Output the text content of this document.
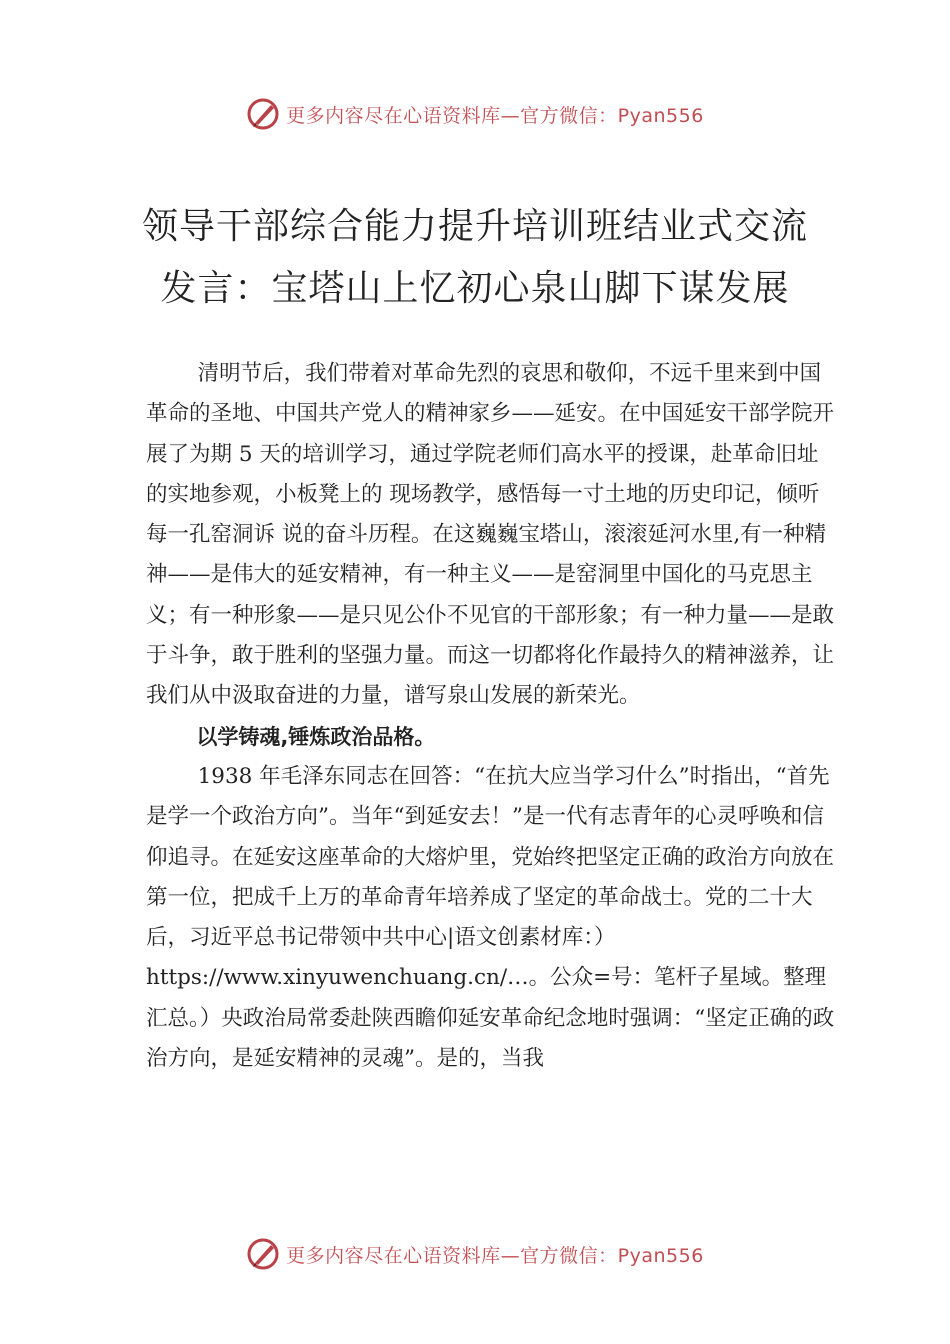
更多内容尽在心语资料库—官方微信：Pyan556
领导干部综合能力提升培训班结业式交流
发言：宝塔山上忆初心泉山脚下谋发展

清明节后，我们带着对革命先烈的哀思和敬仰，不远千里来到中国革命的圣地、中国共产党人的精神家乡——延安。在中国延安干部学院开展了为期 5 天的培训学习，通过学院老师们高水平的授课，赴革命旧址的实地参观，小板凳上的 现场教学，感悟每一寸土地的历史印记，倾听每一孔窑洞诉 说的奋斗历程。在这巍巍宝塔山，滚滚延河水里,有一种精神——是伟大的延安精神，有一种主义——是窑洞里中国化的马克思主义；有一种形象——是只见公仆不见官的干部形象；有一种力量——是敢于斗争，敢于胜利的坚强力量。而这一切都将化作最持久的精神滋养，让我们从中汲取奋进的力量，谱写泉山发展的新荣光。

以学铸魂,锤炼政治品格。

1938 年毛泽东同志在回答：“在抗大应当学习什么”时指出，“首先是学一个政治方向”。当年“到延安去！”是一代有志青年的心灵呼唤和信仰追寻。在延安这座革命的大熔炉里，党始终把坚定正确的政治方向放在第一位，把成千上万的革命青年培养成了坚定的革命战士。党的二十大后，习近平总书记带领中共中心|语文创素材库：）https://www.xinyuwenchuang.cn/…。公众=号：笔杆子星域。整理汇总。）央政治局常委赴陕西瞻仰延安革命纪念地时强调：“坚定正确的政治方向，是延安精神的灵魂”。是的，当我

更多内容尽在心语资料库—官方微信：Pyan556
